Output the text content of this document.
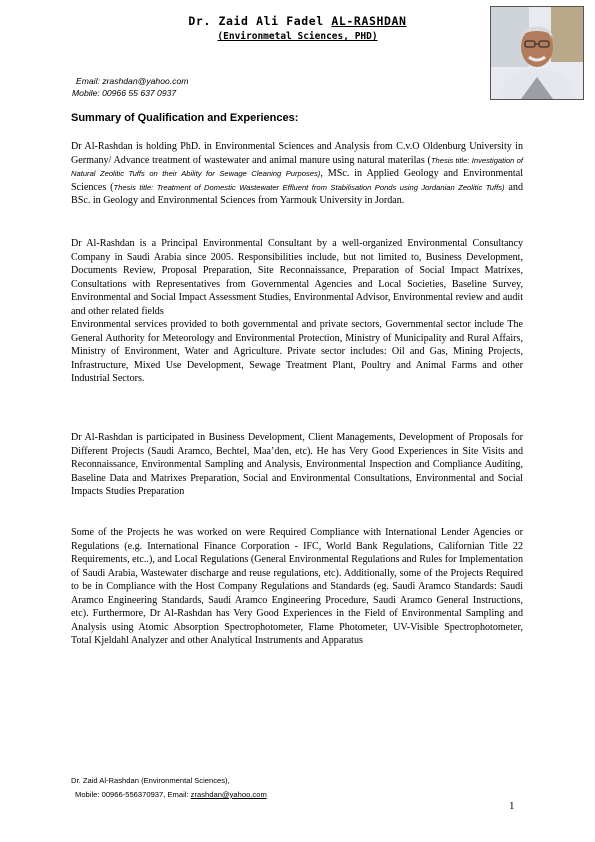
Dr. Zaid Ali Fadel AL-RASHDAN
(Environmetal Sciences, PHD)
Email: zrashdan@yahoo.com
Mobile: 00966 55 637 0937
Summary of Qualification and Experiences:

Dr Al-Rashdan is holding PhD. in Environmental Sciences and Analysis from C.v.O Oldenburg University in Germany/ Advance treatment of wastewater and animal manure using natural materilas (Thesis title: Investigation of Natural Zeolitic Tuffs on their Ability for Sewage Cleaning Purposes), MSc. in Applied Geology and Environmental Sciences (Thesis title: Treatment of Domestic Wastewater Effluent from Stabilisation Ponds using Jordanian Zeolitic Tuffs) and BSc. in Geology and Environmental Sciences from Yarmouk University in Jordan.

Dr Al-Rashdan is a Principal Environmental Consultant by a well-organized Environmental Consultancy Company in Saudi Arabia since 2005. Responsibilities include, but not limited to, Business Development, Documents Review, Proposal Preparation, Site Reconnaissance, Preparation of Social Impact Matrixes, Consultations with Representatives from Governmental Agencies and Local Societies, Baseline Survey, Environmental and Social Impact Assessment Studies, Environmental Advisor, Environmental review and audit and other related fields
Environmental services provided to both governmental and private sectors, Governmental sector include The General Authority for Meteorology and Environmental Protection, Ministry of Municipality and Rural Affairs, Ministry of Environment, Water and Agriculture. Private sector includes: Oil and Gas, Mining Projects, Infrastructure, Mixed Use Development, Sewage Treatment Plant, Poultry and Animal Farms and other Industrial Sectors.

Dr Al-Rashdan is participated in Business Development, Client Managements, Development of Proposals for Different Projects (Saudi Aramco, Bechtel, Maa’den, etc). He has Very Good Experiences in Site Visits and Reconnaissance, Environmental Sampling and Analysis, Environmental Inspection and Compliance Auditing, Baseline Data and Matrixes Preparation, Social and Environmental Consultations, Environmental and Social Impacts Studies Preparation

Some of the Projects he was worked on were Required Compliance with International Lender Agencies or Regulations (e.g. International Finance Corporation - IFC, World Bank Regulations, Californian Title 22 Requirements, etc..), and Local Regulations (General Environmental Regulations and Rules for Implementation of Saudi Arabia, Wastewater discharge and reuse regulations, etc). Additionally, some of the Projects Required to be in Compliance with the Host Company Regulations and Standards (eg. Saudi Aramco Standards: Saudi Aramco Engineering Standards, Saudi Aramco Engineering Procedure, Saudi Aramco General Instructions, etc). Furthermore, Dr Al-Rashdan has Very Good Experiences in the Field of Environmental Sampling and Analysis using Atomic Absorption Spectrophotometer, Flame Photometer, UV-Visible Spectrophotometer, Total Kjeldahl Analyzer and other Analytical Instruments and Apparatus

Dr. Zaid Al-Rashdan (Environmental Sciences),
Mobile: 00966-556370937, Email: zrashdan@yahoo.com
1
